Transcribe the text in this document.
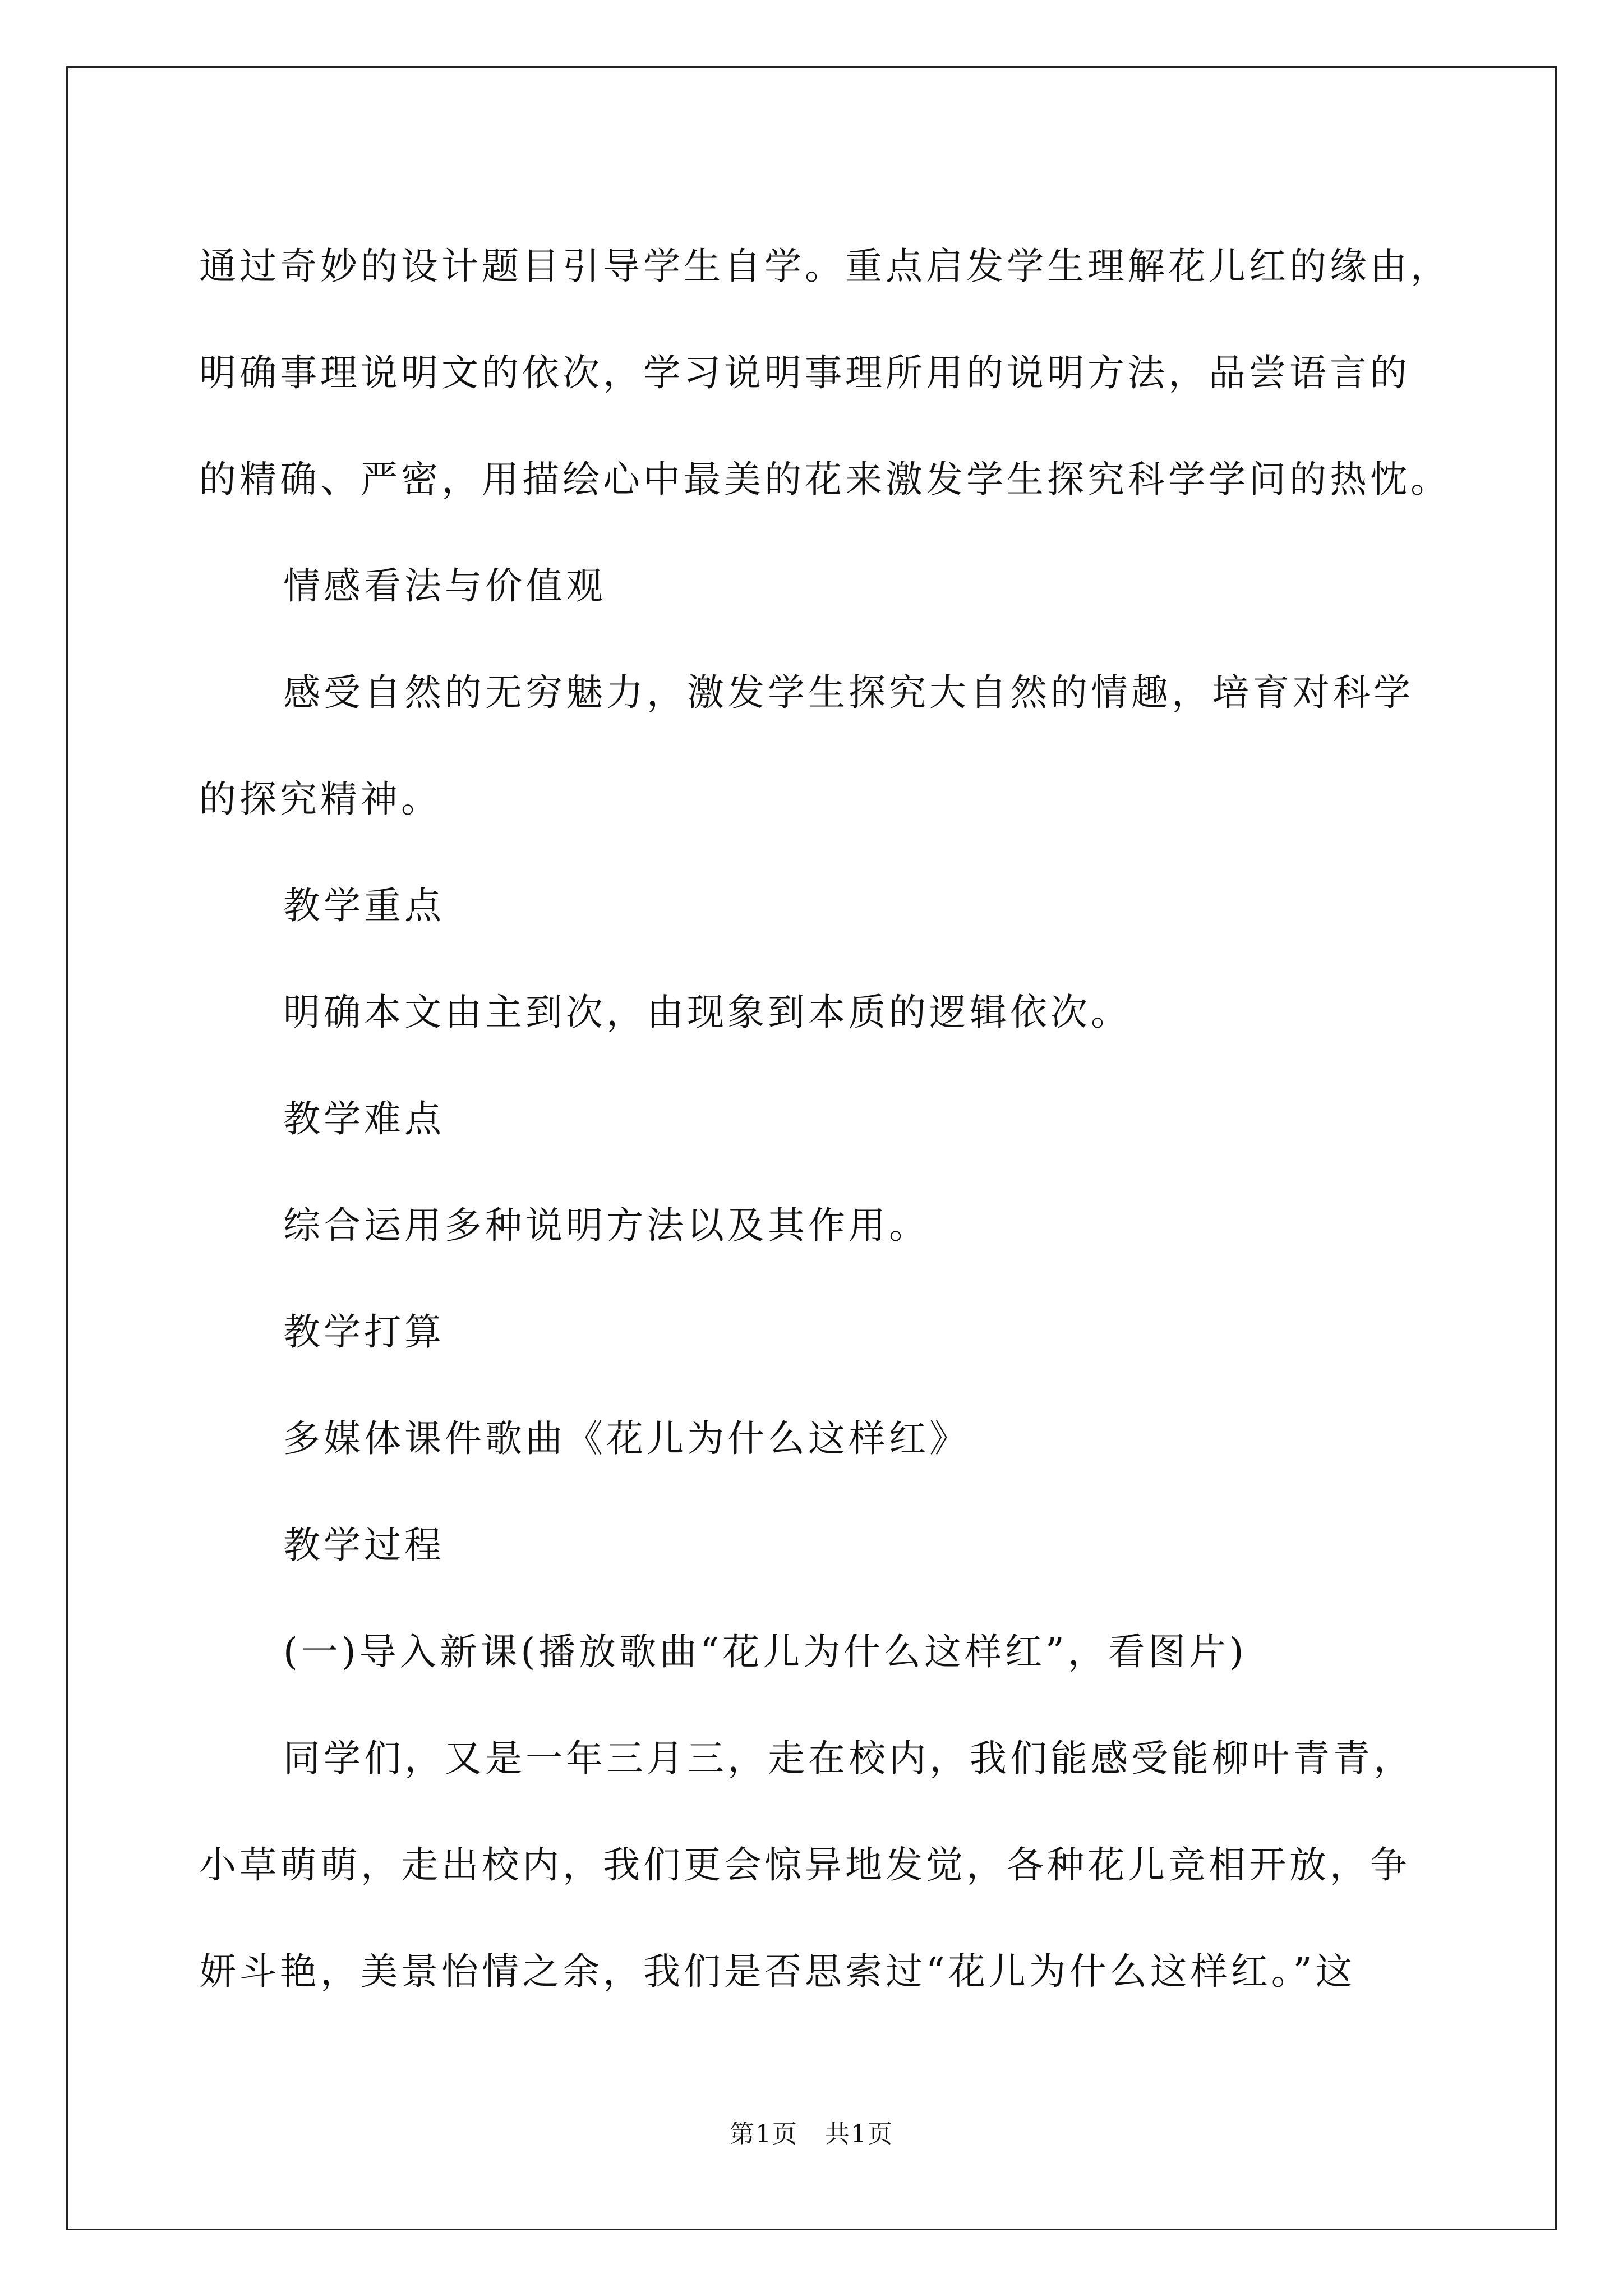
通过奇妙的设计题目引导学生自学。重点启发学生理解花儿红的缘由，
明确事理说明文的依次，学习说明事理所用的说明方法，品尝语言的
的精确、严密，用描绘心中最美的花来激发学生探究科学学问的热忱。
情感看法与价值观
感受自然的无穷魅力，激发学生探究大自然的情趣，培育对科学
的探究精神。
教学重点
明确本文由主到次，由现象到本质的逻辑依次。
教学难点
综合运用多种说明方法以及其作用。
教学打算
多媒体课件歌曲《花儿为什么这样红》
教学过程
(一)导入新课(播放歌曲“花儿为什么这样红”，看图片)
同学们，又是一年三月三，走在校内，我们能感受能柳叶青青，
小草萌萌，走出校内，我们更会惊异地发觉，各种花儿竞相开放，争
妍斗艳，美景怡情之余，我们是否思索过“花儿为什么这样红。”这
第1页   共1页
